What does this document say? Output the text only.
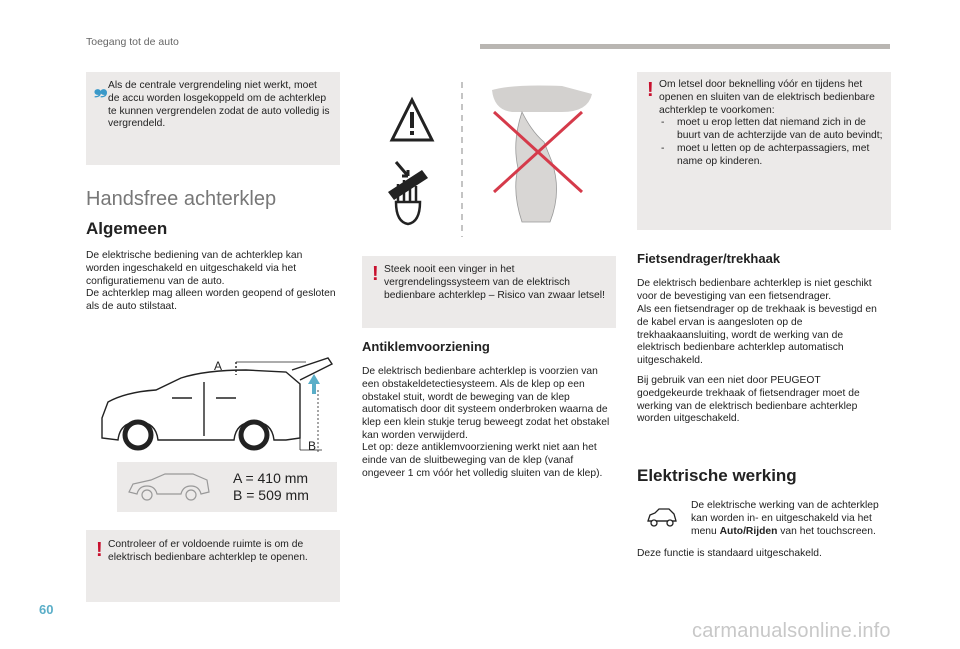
Toegang tot de auto
❠ Als de centrale vergrendeling niet werkt, moet de accu worden losgekoppeld om de achterklep te kunnen vergrendelen zodat de auto volledig is vergrendeld.
Handsfree achterklep
Algemeen
De elektrische bediening van de achterklep kan worden ingeschakeld en uitgeschakeld via het configuratiemenu van de auto.
De achterklep mag alleen worden geopend of gesloten als de auto stilstaat.
A
B
A = 410 mm
B = 509 mm
! Controleer of er voldoende ruimte is om de elektrisch bedienbare achterklep te openen.
! Steek nooit een vinger in het vergrendelingssysteem van de elektrisch bedienbare achterklep – Risico van zwaar letsel!
Antiklemvoorziening
De elektrisch bedienbare achterklep is voorzien van een obstakeldetectiesysteem. Als de klep op een obstakel stuit, wordt de beweging van de klep automatisch door dit systeem onderbroken waarna de klep een klein stukje terug beweegt zodat het obstakel kan worden verwijderd.
Let op: deze antiklemvoorziening werkt niet aan het einde van de sluitbeweging van de klep (vanaf ongeveer 1 cm vóór het volledig sluiten van de klep).
! Om letsel door beknelling vóór en tijdens het openen en sluiten van de elektrisch bedienbare achterklep te voorkomen:
- moet u erop letten dat niemand zich in de buurt van de achterzijde van de auto bevindt;
- moet u letten op de achterpassagiers, met name op kinderen.
Fietsendrager/trekhaak
De elektrisch bedienbare achterklep is niet geschikt voor de bevestiging van een fietsendrager.
Als een fietsendrager op de trekhaak is bevestigd en de kabel ervan is aangesloten op de trekhaakaansluiting, wordt de werking van de elektrisch bedienbare achterklep automatisch uitgeschakeld.
Bij gebruik van een niet door PEUGEOT goedgekeurde trekhaak of fietsendrager moet de werking van de elektrisch bedienbare achterklep worden uitgeschakeld.
Elektrische werking
De elektrische werking van de achterklep kan worden in- en uitgeschakeld via het menu Auto/Rijden van het touchscreen.
Deze functie is standaard uitgeschakeld.
60
carmanualsonline.info
